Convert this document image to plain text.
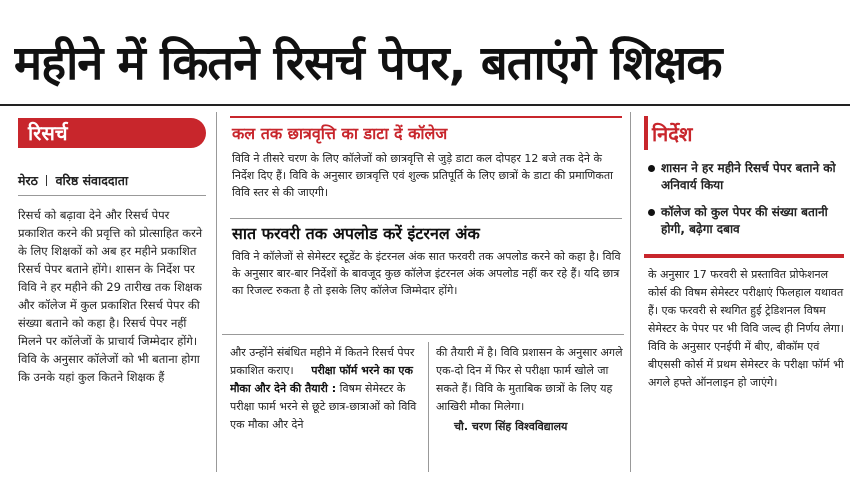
महीने में कितने रिसर्च पेपर, बताएंगे शिक्षक
रिसर्च
मेरठ वरिष्ठ संवाददाता

रिसर्च को बढ़ावा देने और रिसर्च पेपर प्रकाशित करने की प्रवृत्ति को प्रोत्साहित करने के लिए शिक्षकों को अब हर महीने प्रकाशित रिसर्च पेपर बताने होंगे। शासन के निर्देश पर विवि ने हर महीने की 29 तारीख तक शिक्षक और कॉलेज में कुल प्रकाशित रिसर्च पेपर की संख्या बताने को कहा है। रिसर्च पेपर नहीं मिलने पर कॉलेजों के प्राचार्य जिम्मेदार होंगे। विवि के अनुसार कॉलेजों को भी बताना होगा कि उनके यहां कुल कितने शिक्षक हैं

कल तक छात्रवृत्ति का डाटा दें कॉलेज
विवि ने तीसरे चरण के लिए कॉलेजों को छात्रवृत्ति से जुड़े डाटा कल दोपहर 12 बजे तक देने के निर्देश दिए हैं। विवि के अनुसार छात्रवृत्ति एवं शुल्क प्रतिपूर्ति के लिए छात्रों के डाटा की प्रमाणिकता विवि स्तर से की जाएगी।
सात फरवरी तक अपलोड करें इंटरनल अंक
विवि ने कॉलेजों से सेमेस्टर स्टूडेंट के इंटरनल अंक सात फरवरी तक अपलोड करने को कहा है। विवि के अनुसार बार-बार निर्देशों के बावजूद कुछ कॉलेज इंटरनल अंक अपलोड नहीं कर रहे हैं। यदि छात्र का रिजल्ट रुकता है तो इसके लिए कॉलेज जिम्मेदार होंगे।
और उन्होंने संबंधित महीने में कितने रिसर्च पेपर प्रकाशित कराए। परीक्षा फॉर्म भरने का एक मौका और देने की तैयारी : विषम सेमेस्टर के परीक्षा फार्म भरने से छूटे छात्र-छात्राओं को विवि एक मौका और देने
की तैयारी में है। विवि प्रशासन के अनुसार अगले एक-दो दिन में फिर से परीक्षा फार्म खोले जा सकते हैं। विवि के मुताबिक छात्रों के लिए यह आखिरी मौका मिलेगा।
चौ. चरण सिंह विश्वविद्यालय
निर्देश
शासन ने हर महीने रिसर्च पेपर बताने को अनिवार्य किया
कॉलेज को कुल पेपर की संख्या बतानी होगी, बढ़ेगा दबाव
के अनुसार 17 फरवरी से प्रस्तावित प्रोफेशनल कोर्स की विषम सेमेस्टर परीक्षाएं फिलहाल यथावत हैं। एक फरवरी से स्थगित हुई ट्रेडिशनल विषम सेमेस्टर के पेपर पर भी विवि जल्द ही निर्णय लेगा। विवि के अनुसार एनईपी में बीए, बीकॉम एवं बीएससी कोर्स में प्रथम सेमेस्टर के परीक्षा फॉर्म भी अगले हफ्ते ऑनलाइन हो जाएंगे।
